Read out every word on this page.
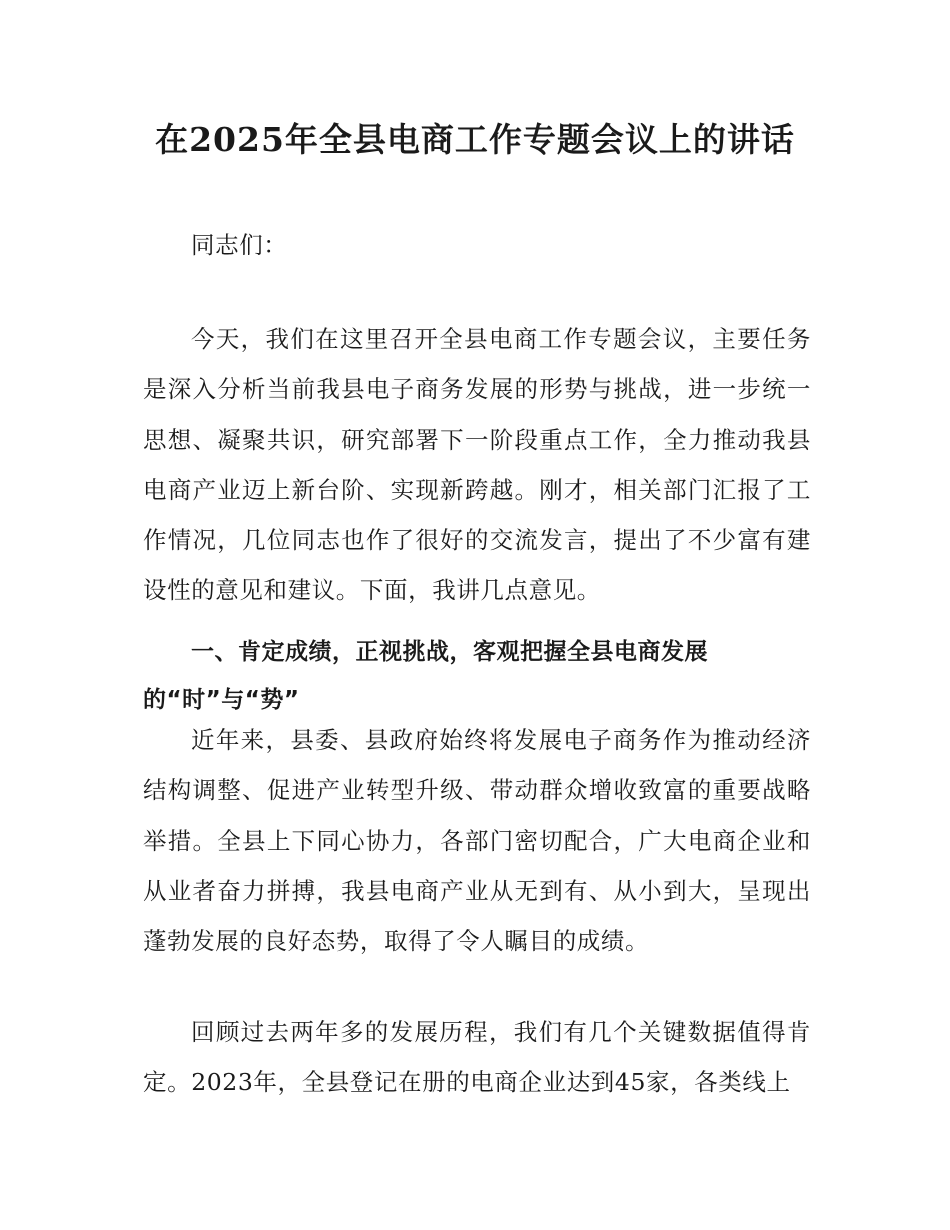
在2025年全县电商工作专题会议上的讲话

同志们：

今天，我们在这里召开全县电商工作专题会议，主要任务是深入分析当前我县电子商务发展的形势与挑战，进一步统一思想、凝聚共识，研究部署下一阶段重点工作，全力推动我县电商产业迈上新台阶、实现新跨越。刚才，相关部门汇报了工作情况，几位同志也作了很好的交流发言，提出了不少富有建设性的意见和建议。下面，我讲几点意见。

一、肯定成绩，正视挑战，客观把握全县电商发展的“时”与“势”

近年来，县委、县政府始终将发展电子商务作为推动经济结构调整、促进产业转型升级、带动群众增收致富的重要战略举措。全县上下同心协力，各部门密切配合，广大电商企业和从业者奋力拼搏，我县电商产业从无到有、从小到大，呈现出蓬勃发展的良好态势，取得了令人瞩目的成绩。

回顾过去两年多的发展历程，我们有几个关键数据值得肯定。2023年，全县登记在册的电商企业达到45家，各类线上
